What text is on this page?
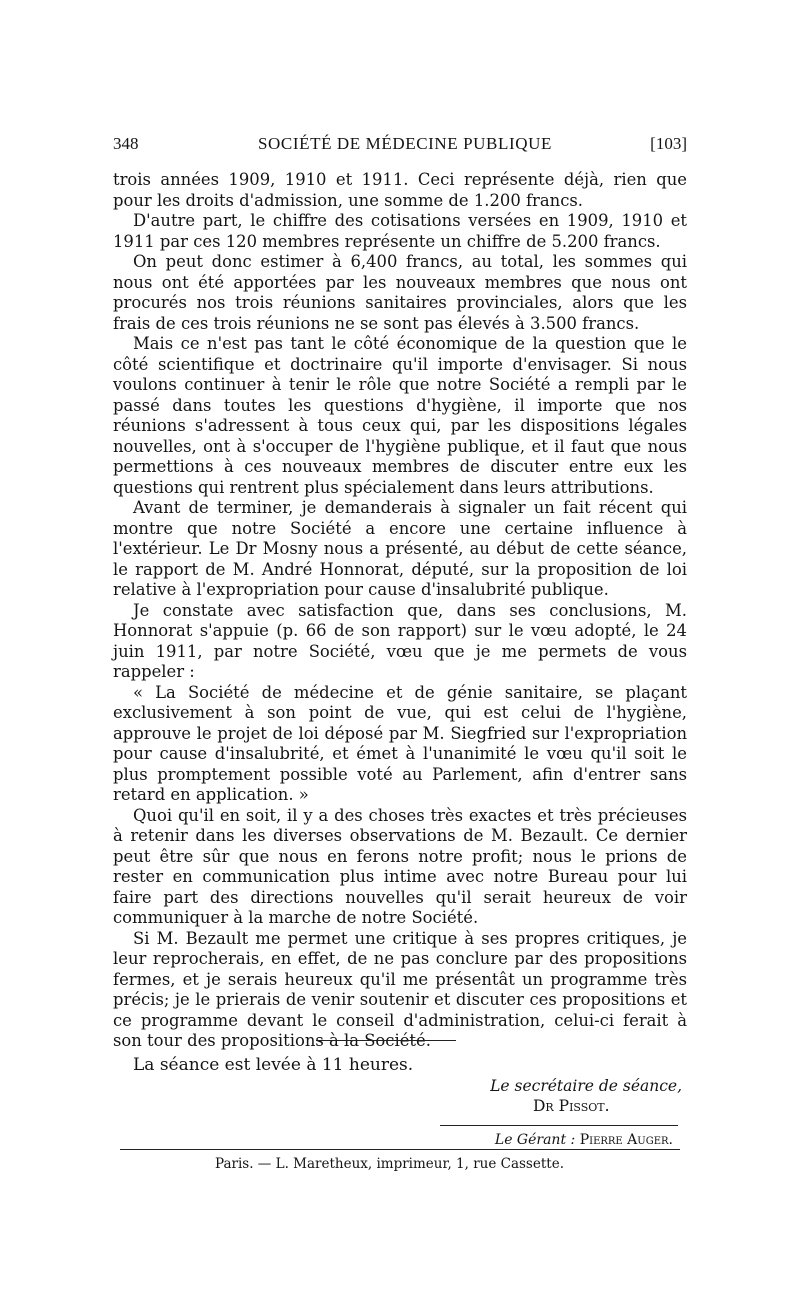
348	SOCIÉTÉ DE MÉDECINE PUBLIQUE	[103]

trois années 1909, 1910 et 1911. Ceci représente déjà, rien que pour les droits d'admission, une somme de 1.200 francs.

D'autre part, le chiffre des cotisations versées en 1909, 1910 et 1911 par ces 120 membres représente un chiffre de 5.200 francs.

On peut donc estimer à 6,400 francs, au total, les sommes qui nous ont été apportées par les nouveaux membres que nous ont procurés nos trois réunions sanitaires provinciales, alors que les frais de ces trois réunions ne se sont pas élevés à 3.500 francs.

Mais ce n'est pas tant le côté économique de la question que le côté scientifique et doctrinaire qu'il importe d'envisager. Si nous voulons continuer à tenir le rôle que notre Société a rempli par le passé dans toutes les questions d'hygiène, il importe que nos réunions s'adressent à tous ceux qui, par les dispositions légales nouvelles, ont à s'occuper de l'hygiène publique, et il faut que nous permettions à ces nouveaux membres de discuter entre eux les questions qui rentrent plus spécialement dans leurs attributions.

Avant de terminer, je demanderais à signaler un fait récent qui montre que notre Société a encore une certaine influence à l'extérieur. Le Dr Mosny nous a présenté, au début de cette séance, le rapport de M. André Honnorat, député, sur la proposition de loi relative à l'expropriation pour cause d'insalubrité publique.

Je constate avec satisfaction que, dans ses conclusions, M. Honnorat s'appuie (p. 66 de son rapport) sur le vœu adopté, le 24 juin 1911, par notre Société, vœu que je me permets de vous rappeler :

« La Société de médecine et de génie sanitaire, se plaçant exclusivement à son point de vue, qui est celui de l'hygiène, approuve le projet de loi déposé par M. Siegfried sur l'expropriation pour cause d'insalubrité, et émet à l'unanimité le vœu qu'il soit le plus promptement possible voté au Parlement, afin d'entrer sans retard en application. »

Quoi qu'il en soit, il y a des choses très exactes et très précieuses à retenir dans les diverses observations de M. Bezault. Ce dernier peut être sûr que nous en ferons notre profit; nous le prions de rester en communication plus intime avec notre Bureau pour lui faire part des directions nouvelles qu'il serait heureux de voir communiquer à la marche de notre Société.

Si M. Bezault me permet une critique à ses propres critiques, je leur reprocherais, en effet, de ne pas conclure par des propositions fermes, et je serais heureux qu'il me présentât un programme très précis; je le prierais de venir soutenir et discuter ces propositions et ce programme devant le conseil d'administration, celui-ci ferait à son tour des propositions à la Société.

La séance est levée à 11 heures.
Le secrétaire de séance,
Dr Pissot.
Le Gérant : Pierre Auger.
Paris. — L. Maretheux, imprimeur, 1, rue Cassette.
